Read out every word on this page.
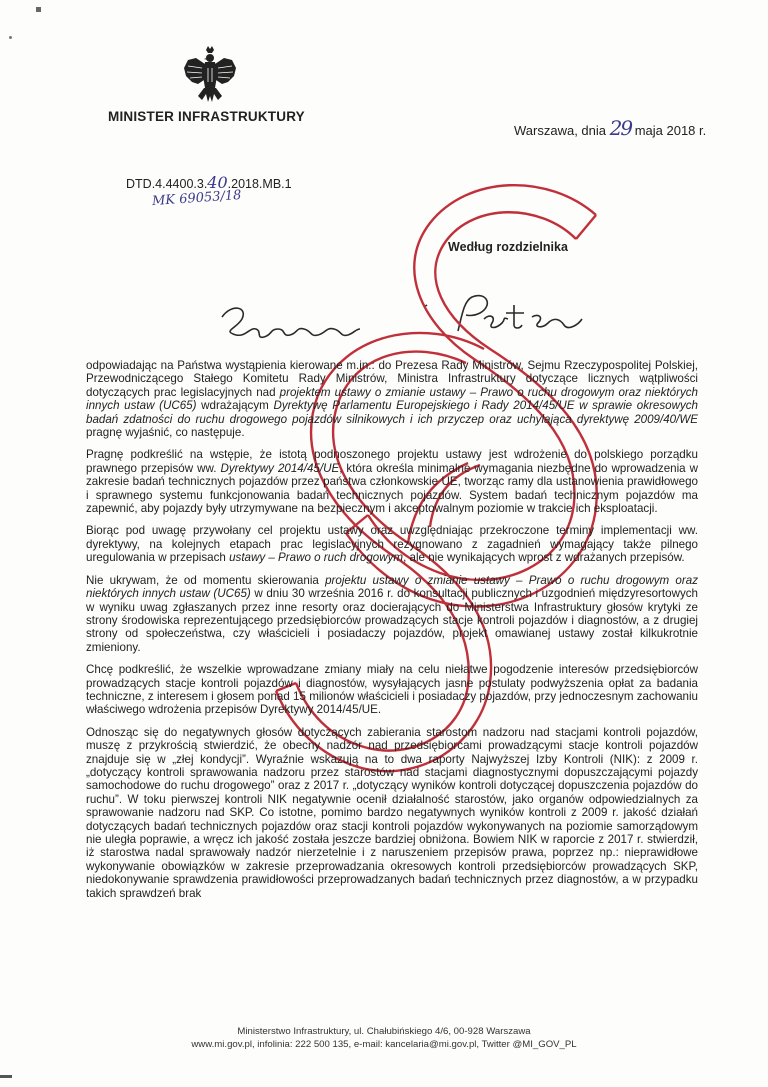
MINISTER INFRASTRUKTURY
Warszawa, dnia 29 maja 2018 r.
DTD.4.4400.3.40.2018.MB.1
MK 69053/18
Według rozdzielnika

odpowiadając na Państwa wystąpienia kierowane m.in.: do Prezesa Rady Ministrów, Sejmu Rzeczypospolitej Polskiej, Przewodniczącego Stałego Komitetu Rady Ministrów, Ministra Infrastruktury dotyczące licznych wątpliwości dotyczących prac legislacyjnych nad projektem ustawy o zmianie ustawy – Prawo o ruchu drogowym oraz niektórych innych ustaw (UC65) wdrażającym Dyrektywę Parlamentu Europejskiego i Rady 2014/45/UE w sprawie okresowych badań zdatności do ruchu drogowego pojazdów silnikowych i ich przyczep oraz uchylająca dyrektywę 2009/40/WE pragnę wyjaśnić, co następuje.

Pragnę podkreślić na wstępie, że istotą podnoszonego projektu ustawy jest wdrożenie do polskiego porządku prawnego przepisów ww. Dyrektywy 2014/45/UE, która określa minimalne wymagania niezbędne do wprowadzenia w zakresie badań technicznych pojazdów przez państwa członkowskie UE, tworząc ramy dla ustanowienia prawidłowego i sprawnego systemu funkcjonowania badań technicznych pojazdów. System badań technicznym pojazdów ma zapewnić, aby pojazdy były utrzymywane na bezpiecznym i akceptowalnym poziomie w trakcie ich eksploatacji.

Biorąc pod uwagę przywołany cel projektu ustawy oraz uwzględniając przekroczone terminy implementacji ww. dyrektywy, na kolejnych etapach prac legislacyjnych rezygnowano z zagadnień wymagający także pilnego uregulowania w przepisach ustawy – Prawo o ruch drogowym, ale nie wynikających wprost z wdrażanych przepisów.

Nie ukrywam, że od momentu skierowania projektu ustawy o zmianie ustawy – Prawo o ruchu drogowym oraz niektórych innych ustaw (UC65) w dniu 30 września 2016 r. do konsultacji publicznych i uzgodnień międzyresortowych w wyniku uwag zgłaszanych przez inne resorty oraz docierających do Ministerstwa Infrastruktury głosów krytyki ze strony środowiska reprezentującego przedsiębiorców prowadzących stacje kontroli pojazdów i diagnostów, a z drugiej strony od społeczeństwa, czy właścicieli i posiadaczy pojazdów, projekt omawianej ustawy został kilkukrotnie zmieniony.

Chcę podkreślić, że wszelkie wprowadzane zmiany miały na celu niełatwe pogodzenie interesów przedsiębiorców prowadzących stacje kontroli pojazdów i diagnostów, wysyłających jasne postulaty podwyższenia opłat za badania techniczne, z interesem i głosem ponad 15 milionów właścicieli i posiadaczy pojazdów, przy jednoczesnym zachowaniu właściwego wdrożenia przepisów Dyrektywy 2014/45/UE.

Odnosząc się do negatywnych głosów dotyczących zabierania starostom nadzoru nad stacjami kontroli pojazdów, muszę z przykrością stwierdzić, że obecny nadzór nad przedsiębiorcami prowadzącymi stacje kontroli pojazdów znajduje się w „złej kondycji”. Wyraźnie wskazują na to dwa raporty Najwyższej Izby Kontroli (NIK): z 2009 r. „dotyczący kontroli sprawowania nadzoru przez starostów nad stacjami diagnostycznymi dopuszczającymi pojazdy samochodowe do ruchu drogowego” oraz z 2017 r. „dotyczący wyników kontroli dotyczącej dopuszczenia pojazdów do ruchu”. W toku pierwszej kontroli NIK negatywnie ocenił działalność starostów, jako organów odpowiedzialnych za sprawowanie nadzoru nad SKP. Co istotne, pomimo bardzo negatywnych wyników kontroli z 2009 r. jakość działań dotyczących badań technicznych pojazdów oraz stacji kontroli pojazdów wykonywanych na poziomie samorządowym nie uległa poprawie, a wręcz ich jakość została jeszcze bardziej obniżona. Bowiem NIK w raporcie z 2017 r. stwierdził, iż starostwa nadal sprawowały nadzór nierzetelnie i z naruszeniem przepisów prawa, poprzez np.: nieprawidłowe wykonywanie obowiązków w zakresie przeprowadzania okresowych kontroli przedsiębiorców prowadzących SKP, niedokonywanie sprawdzenia prawidłowości przeprowadzanych badań technicznych przez diagnostów, a w przypadku takich sprawdzeń brak

Ministerstwo Infrastruktury, ul. Chałubińskiego 4/6, 00-928 Warszawa
www.mi.gov.pl, infolinia: 222 500 135, e-mail: kancelaria@mi.gov.pl, Twitter @MI_GOV_PL
